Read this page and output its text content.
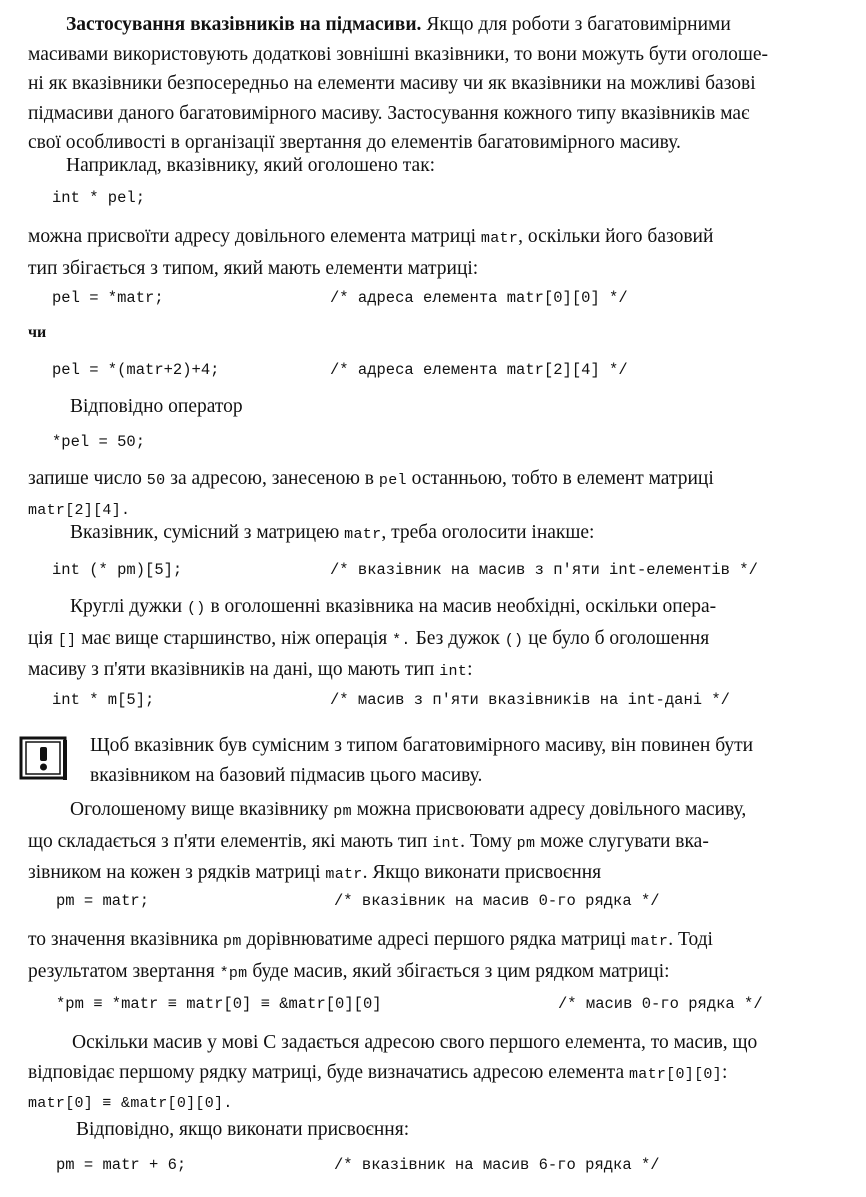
Застосування вказівників на підмасиви. Якщо для роботи з багатовимірними
масивами використовують додаткові зовнішні вказівники, то вони можуть бути оголоше-
ні як вказівники безпосередньо на елементи масиву чи як вказівники на можливі базові
підмасиви даного багатовимірного масиву. Застосування кожного типу вказівників має
свої особливості в організації звертання до елементів багатовимірного масиву.
Наприклад, вказівнику, який оголошено так:
int * pel;
можна присвоїти адресу довільного елемента матриці matr, оскільки його базовий
тип збігається з типом, який мають елементи матриці:
pel = *matr;	/* адреса елемента matr[0][0] */
чи
pel = *(matr+2)+4;	/* адреса елемента matr[2][4] */
Відповідно оператор
*pel = 50;
запише число 50 за адресою, занесеною в pel останньою, тобто в елемент матриці
matr[2][4].
Вказівник, сумісний з матрицею matr, треба оголосити інакше:
int (* pm)[5];	/* вказівник на масив з п'яти int-елементів */
Круглі дужки () в оголошенні вказівника на масив необхідні, оскільки опера-
ція [] має вище старшинство, ніж операція *. Без дужок () це було б оголошення
масиву з п'яти вказівників на дані, що мають тип int:
int * m[5];	/* масив з п'яти вказівників на int-дані */
Щоб вказівник був сумісним з типом багатовимірного масиву, він повинен бути
вказівником на базовий підмасив цього масиву.
Оголошеному вище вказівнику pm можна присвоювати адресу довільного масиву,
що складається з п'яти елементів, які мають тип int. Тому pm може слугувати вка-
зівником на кожен з рядків матриці matr. Якщо виконати присвоєння
pm = matr;	/* вказівник на масив 0-го рядка */
то значення вказівника pm дорівнюватиме адресі першого рядка матриці matr. Тоді
результатом звертання *pm буде масив, який збігається з цим рядком матриці:
*pm ≡ *matr ≡ matr[0] ≡ &matr[0][0]	/* масив 0-го рядка */
Оскільки масив у мові С задається адресою свого першого елемента, то масив, що
відповідає першому рядку матриці, буде визначатись адресою елемента matr[0][0]:
matr[0] ≡ &matr[0][0].
Відповідно, якщо виконати присвоєння:
pm = matr + 6;	/* вказівник на масив 6-го рядка */
